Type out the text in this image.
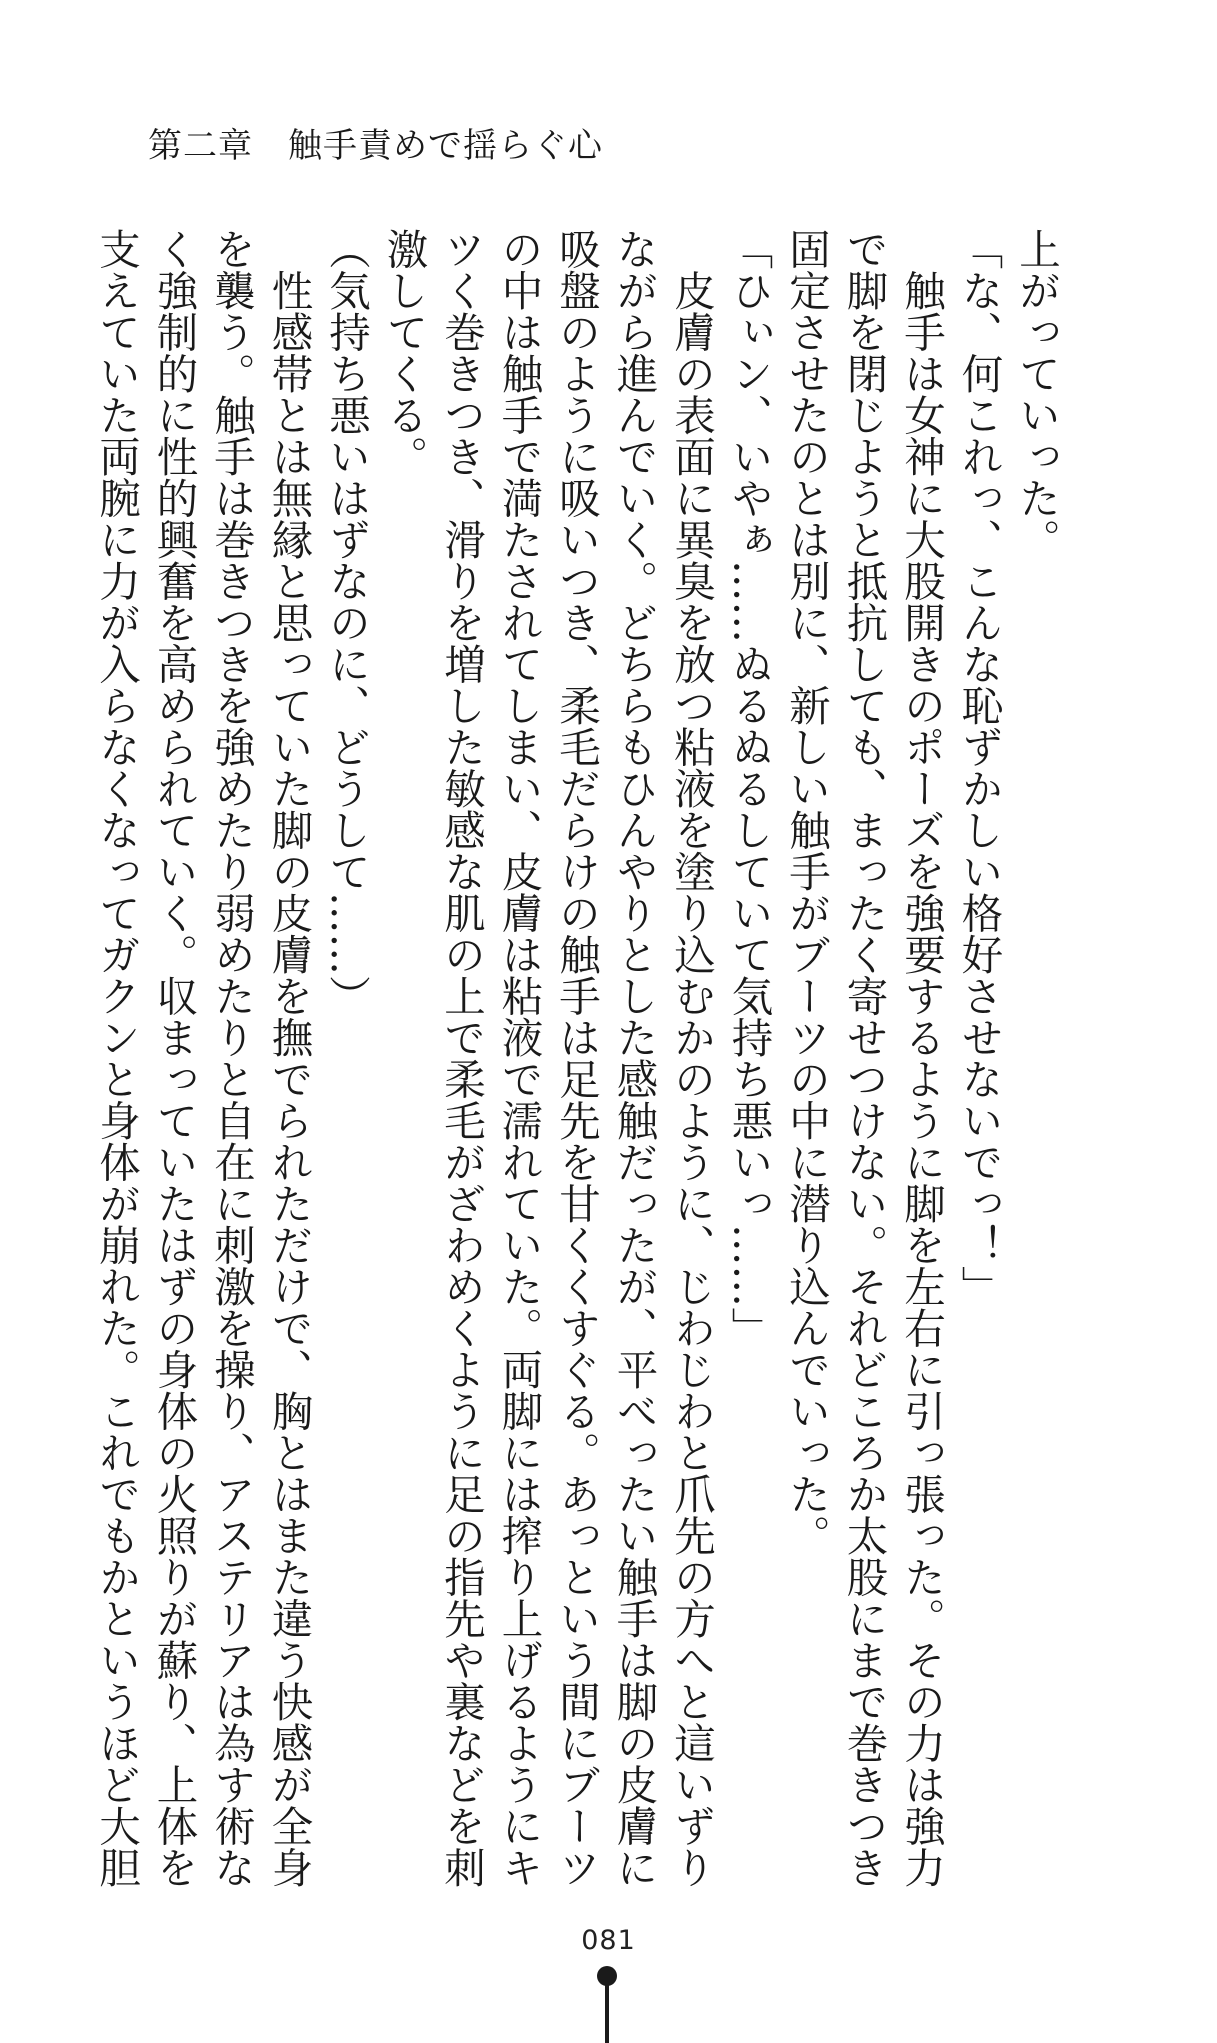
第二章　触手責めで揺らぐ心
上がっていった。
「な、何これっ、こんな恥ずかしい格好させないでっ！」
　触手は女神に大股開きのポーズを強要するように脚を左右に引っ張った。その力は強力
で脚を閉じようと抵抗しても、まったく寄せつけない。それどころか太股にまで巻きつき
固定させたのとは別に、新しい触手がブーツの中に潜り込んでいった。
「ひぃン、いやぁ……ぬるぬるしていて気持ち悪いっ……」
　皮膚の表面に異臭を放つ粘液を塗り込むかのように、じわじわと爪先の方へと這いずり
ながら進んでいく。どちらもひんやりとした感触だったが、平べったい触手は脚の皮膚に
吸盤のように吸いつき、柔毛だらけの触手は足先を甘くくすぐる。あっという間にブーツ
の中は触手で満たされてしまい、皮膚は粘液で濡れていた。両脚には搾り上げるようにキ
ツく巻きつき、滑りを増した敏感な肌の上で柔毛がざわめくように足の指先や裏などを刺
激してくる。
（気持ち悪いはずなのに、どうして……）
　性感帯とは無縁と思っていた脚の皮膚を撫でられただけで、胸とはまた違う快感が全身
を襲う。触手は巻きつきを強めたり弱めたりと自在に刺激を操り、アステリアは為す術な
く強制的に性的興奮を高められていく。収まっていたはずの身体の火照りが蘇り、上体を
支えていた両腕に力が入らなくなってガクンと身体が崩れた。これでもかというほど大胆
081
